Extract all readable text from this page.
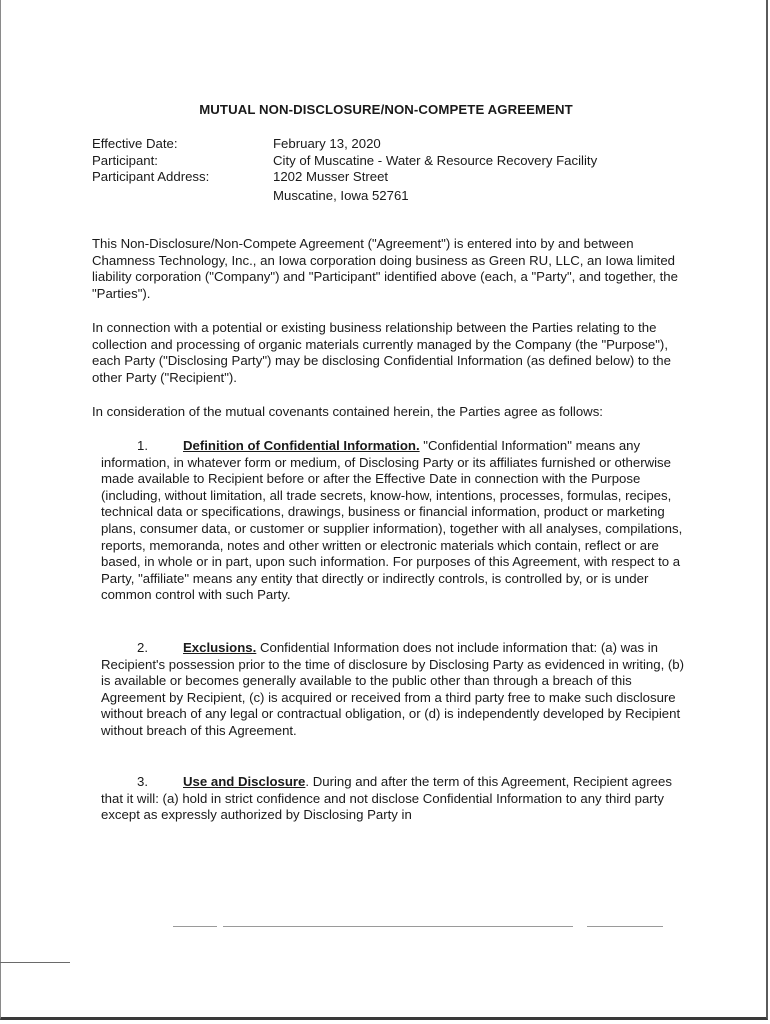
MUTUAL NON-DISCLOSURE/NON-COMPETE AGREEMENT
Effective Date:	February 13, 2020
Participant:	City of Muscatine - Water & Resource Recovery Facility
Participant Address:	1202 Musser Street
Muscatine, Iowa 52761

This Non-Disclosure/Non-Compete Agreement ("Agreement") is entered into by and between Chamness Technology, Inc., an Iowa corporation doing business as Green RU, LLC, an Iowa limited liability corporation ("Company") and "Participant" identified above (each, a "Party", and together, the "Parties").

In connection with a potential or existing business relationship between the Parties relating to the collection and processing of organic materials currently managed by the Company (the "Purpose"), each Party ("Disclosing Party") may be disclosing Confidential Information (as defined below) to the other Party ("Recipient").

In consideration of the mutual covenants contained herein, the Parties agree as follows:

1.	Definition of Confidential Information. "Confidential Information" means any information, in whatever form or medium, of Disclosing Party or its affiliates furnished or otherwise made available to Recipient before or after the Effective Date in connection with the Purpose (including, without limitation, all trade secrets, know-how, intentions, processes, formulas, recipes, technical data or specifications, drawings, business or financial information, product or marketing plans, consumer data, or customer or supplier information), together with all analyses, compilations, reports, memoranda, notes and other written or electronic materials which contain, reflect or are based, in whole or in part, upon such information. For purposes of this Agreement, with respect to a Party, "affiliate" means any entity that directly or indirectly controls, is controlled by, or is under common control with such Party.

2.	Exclusions. Confidential Information does not include information that: (a) was in Recipient's possession prior to the time of disclosure by Disclosing Party as evidenced in writing, (b) is available or becomes generally available to the public other than through a breach of this Agreement by Recipient, (c) is acquired or received from a third party free to make such disclosure without breach of any legal or contractual obligation, or (d) is independently developed by Recipient without breach of this Agreement.

3.	Use and Disclosure. During and after the term of this Agreement, Recipient agrees that it will: (a) hold in strict confidence and not disclose Confidential Information to any third party except as expressly authorized by Disclosing Party in
